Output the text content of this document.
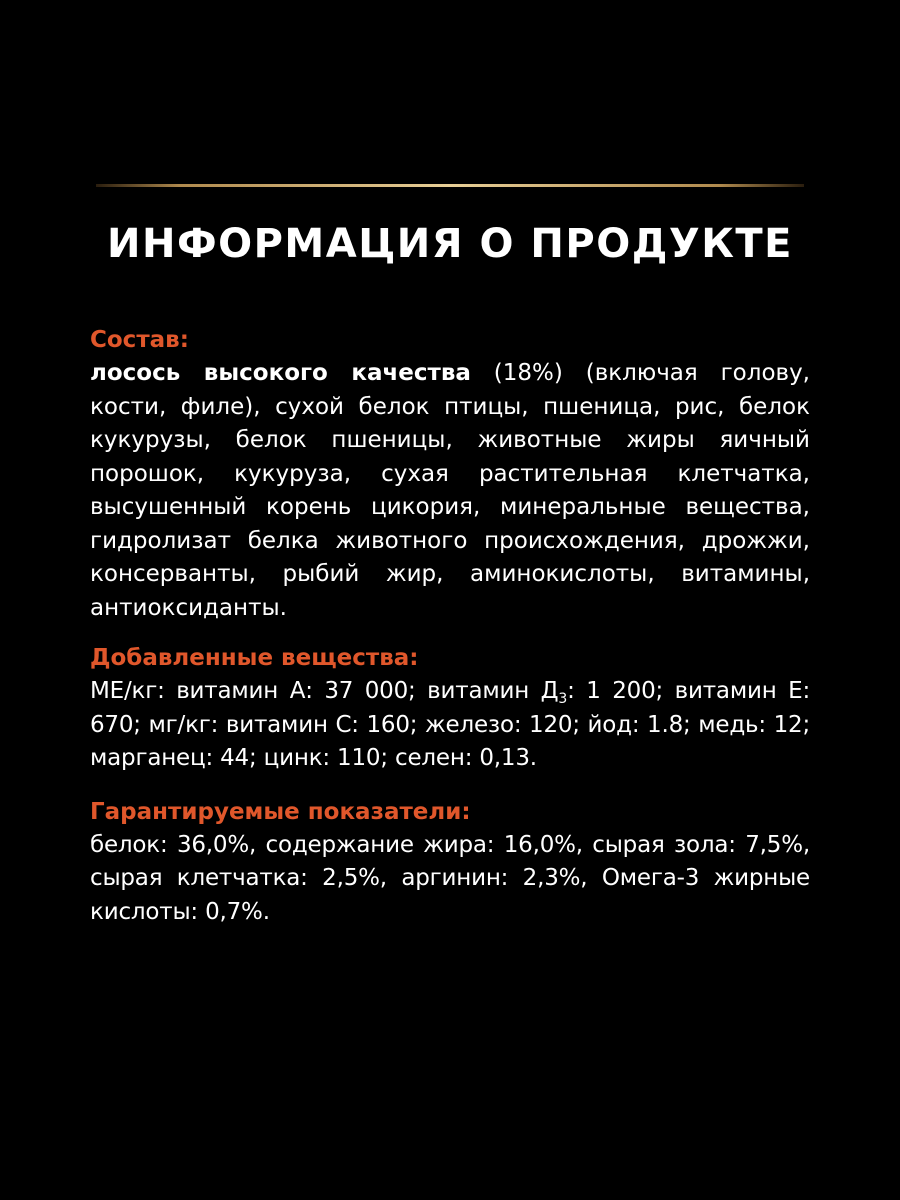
ИНФОРМАЦИЯ О ПРОДУКТЕ
Состав:
лосось высокого качества (18%) (включая голову, кости, филе), сухой белок птицы, пшеница, рис, белок кукурузы, белок пшеницы, животные жиры яичный порошок, кукуруза, сухая растительная клетчатка, высушенный корень цикория, минеральные вещества, гидролизат белка животного происхождения, дрожжи, консерванты, рыбий жир, аминокислоты, витамины, антиоксиданты.
Добавленные вещества:
МЕ/кг: витамин А: 37 000; витамин $Д_3$: 1 200; витамин Е: 670; мг/кг: витамин С: 160; железо: 120; йод: 1.8; медь: 12; марганец: 44; цинк: 110; селен: 0,13.
Гарантируемые показатели:
белок: 36,0%, содержание жира: 16,0%, сырая зола: 7,5%, сырая клетчатка: 2,5%, аргинин: 2,3%, Омега-3 жирные кислоты: 0,7%.
